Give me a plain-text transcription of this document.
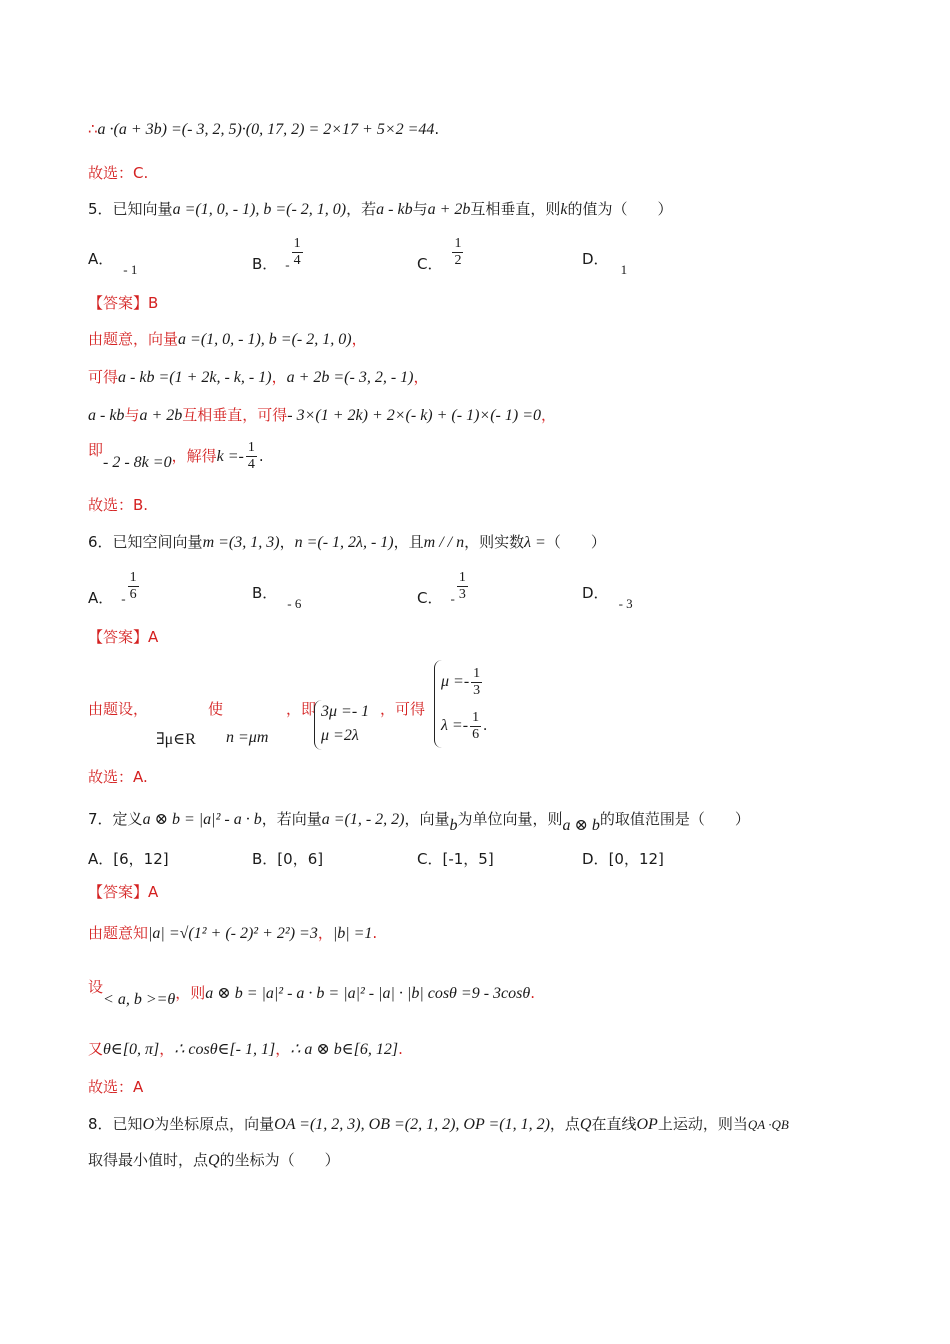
∴a ·(a + 3b) =(- 3, 2, 5)·(0, 17, 2) = 2×17 + 5×2 =44.
故选：C.
5．已知向量a =(1, 0, - 1), b =(- 2, 1, 0)，若a - kb与a + 2b互相垂直，则k的值为（　　）
A．- 1	B． - $\frac{1}{4}$	C． $\frac{1}{2}$	D．1
【答案】B
由题意，向量a =(1, 0, - 1), b =(- 2, 1, 0)，
可得a - kb =(1 + 2k, - k, - 1)，a + 2b =(- 3, 2, - 1)，
a - kb与a + 2b互相垂直，可得- 3×(1 + 2k) + 2×(- k) + (- 1)×(- 1) =0，
即- 2 - 8k =0，解得$k =- \frac{1}{4}$ .
故选：B.
6．已知空间向量m =(3, 1, 3)，n =(- 1, 2λ, - 1)，且m / / n，则实数λ =（　　）
A． - $\frac{1}{6}$	B．- 6	C． - $\frac{1}{3}$	D．- 3
【答案】A
由题设，
∃μ∈R
使
n =μm
，即 3μ =- 1
μ =2λ
，可得
$\mu =- \frac{1}{3}$
$\lambda =- \frac{1}{6}$ .
故选：A.
7．定义a ⊗ b = |a|² - a · b，若向量a =(1, - 2, 2)，向量b为单位向量，则a ⊗ b的取值范围是（　　）
A．[6，12]	B．[0，6]	C．[-1，5]	D．[0，12]
【答案】A
由题意知|a| =√(1² + (- 2)² + 2²) =3，|b| =1.
设< a, b >=θ，则a ⊗ b = |a|² - a · b = |a|² - |a| · |b| cosθ =9 - 3cosθ.
又θ∈[0, π]，∴ cosθ∈[- 1, 1]，∴ a ⊗ b∈[6, 12].
故选：A
8．已知O为坐标原点，向量OA =(1, 2, 3), OB =(2, 1, 2), OP =(1, 1, 2)，点Q在直线OP上运动，则当QA ·QB
取得最小值时，点Q的坐标为（　　）
